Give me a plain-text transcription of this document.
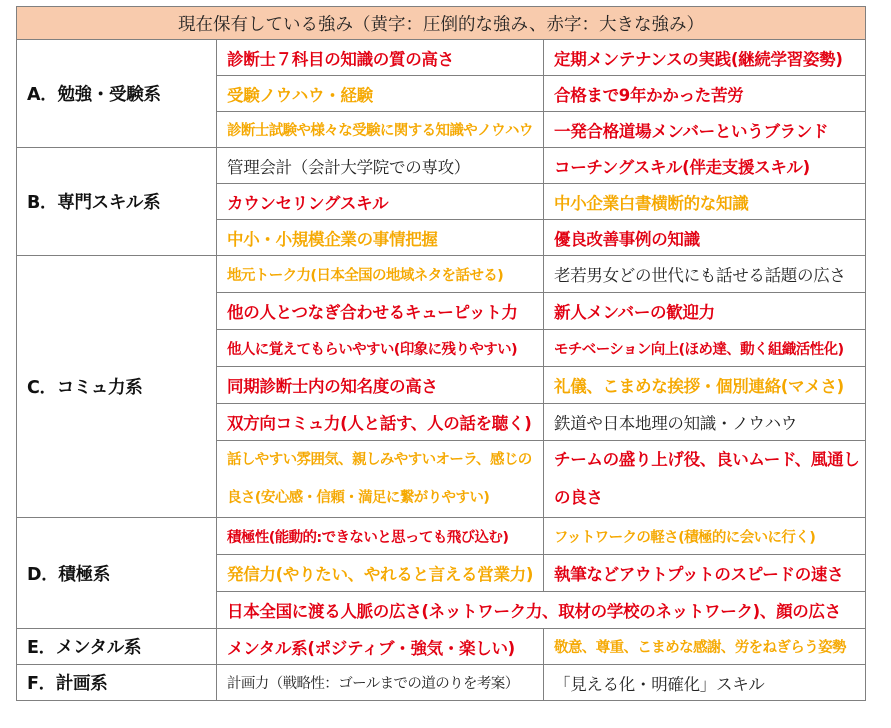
現在保有している強み（黄字：圧倒的な強み、赤字：大きな強み）		
A．勉強・受験系	診断士７科目の知識の質の高さ	定期メンテナンスの実践(継続学習姿勢)
	受験ノウハウ・経験	合格まで9年かかった苦労
	診断士試験や様々な受験に関する知識やノウハウ	一発合格道場メンバーというブランド
B．専門スキル系	管理会計（会計大学院での専攻）	コーチングスキル(伴走支援スキル)
	カウンセリングスキル	中小企業白書横断的な知識
	中小・小規模企業の事情把握	優良改善事例の知識
C．コミュ力系	地元トーク力(日本全国の地域ネタを話せる)	老若男女どの世代にも話せる話題の広さ
	他の人とつなぎ合わせるキューピット力	新人メンバーの歓迎力
	他人に覚えてもらいやすい(印象に残りやすい)	モチベーション向上(ほめ達、動く組織活性化)
	同期診断士内の知名度の高さ	礼儀、こまめな挨拶・個別連絡(マメさ)
	双方向コミュ力(人と話す、人の話を聴く)	鉄道や日本地理の知識・ノウハウ
	話しやすい雰囲気、親しみやすいオーラ、感じの良さ(安心感・信頼・満足に繋がりやすい)	チームの盛り上げ役、良いムード、風通しの良さ
D．積極系	積極性(能動的:できないと思っても飛び込む)	フットワークの軽さ(積極的に会いに行く)
	発信力(やりたい、やれると言える営業力)	執筆などアウトプットのスピードの速さ
	日本全国に渡る人脈の広さ(ネットワーク力、取材の学校のネットワーク)、顔の広さ	
E．メンタル系	メンタル系(ポジティブ・強気・楽しい)	敬意、尊重、こまめな感謝、労をねぎらう姿勢
F．計画系	計画力（戦略性：ゴールまでの道のりを考案）	「見える化・明確化」スキル
